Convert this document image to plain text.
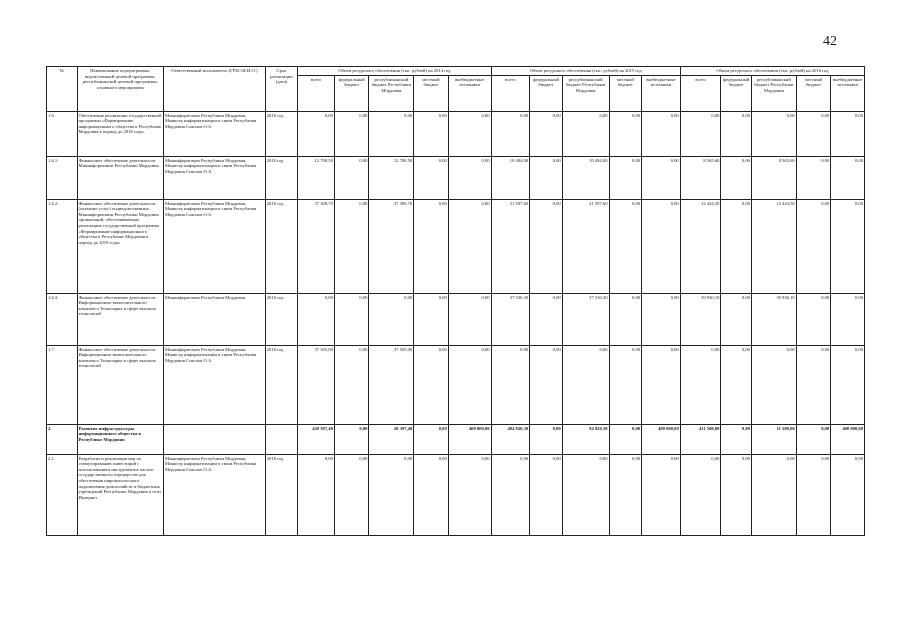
42
№	Наименование подпрограммы, ведомственной целевой программы, республиканской целевой программы, основного мероприятия	Ответственный исполнитель (ГРБС/Ф.И.О.)	Срок реализации (дата)	Объем ресурсного обеспечения (тыс. рублей) на 2014 год					Объем ресурсного обеспечения (тыс. рублей) на 2015 год					Объем ресурсного обеспечения (тыс. рублей) на 2016 год				
				всего	федеральный бюджет	республиканский бюджет Республики Мордовия	местный бюджет	внебюджетные источники	всего	федеральный бюджет	республиканский бюджет Республики Мордовия	местный бюджет	внебюджетные источники	всего	федеральный бюджет	республиканский бюджет Республики Мордовия	местный бюджет	внебюджетные источники
1.6.	Обеспечение реализации государственной программы «Формирование информационного общества в Республике Мордовия в период до 2018 года»	Мининформсвязи Республики Мордовия, Министр информатизации и связи Республики Мордовия Соколов О.А.	2018 год	0,00	0,00	0,00	0,00	0,00	0,00	0,00	0,00	0,00	0,00	0,00	0,00	0,00	0,00	0,00
1.6.1.	Финансовое обеспечение деятельности Мининформсвязи Республики Мордовия	Мининформсвязи Республики Мордовия, Министр информатизации и связи Республики Мордовия Соколов О.А.	2018 год	12 700,50	0,00	12 700,50	0,00	0,00	10 494,00	0,00	10 494,00	0,00	0,00	8 565,60	0,00	8 565,60	0,00	0,00
1.6.2.	Финансовое обеспечение деятельности (оказание услуг) подведомственных Мининформсвязи Республики Мордовия организаций, обеспечивающих реализацию государственной программы «Формирование информационного общества в Республике Мордовия в период до 2018 года»	Мининформсвязи Республики Мордовия, Министр информатизации и связи Республики Мордовия Соколов О.А.	2018 год	37 309,70	0,00	37 309,70	0,00	0,00	21 597,60	0,00	21 597,60	0,00	0,00	12 444,50	0,00	12 444,50	0,00	0,00
1.6.3.	Финансовое обеспечение деятельности Информационно-вычислительного комплекса Технопарка в сфере высоких технологий	Мининформсвязи Республики Мордовия	2018 год	0,00	0,00	0,00	0,00	0,00	37 530,30	0,00	37 530,30	0,00	0,00	39 930,10	0,00	39 930,10	0,00	0,00
1.7.	Финансовое обеспечение деятельности Информационно-вычислительного комплекса Технопарка в сфере высоких технологий	Мининформсвязи Республики Мордовия, Министр информатизации и связи Республики Мордовия Соколов О.А.	2018 год	37 505,00	0,00	37 505,00	0,00	0,00	0,00	0,00	0,00	0,00	0,00	0,00	0,00	0,00	0,00	0,00
2.	Развитие инфраструктуры информационного общества в Республике Мордовия			420 397,40	0,00	20 397,40	0,00	400 000,00	494 820,30	0,00	94 820,30	0,00	400 000,00	411 500,00	0,00	11 500,00	0,00	400 000,00
2.1.	Разработка и реализация мер по стимулированию инвестиций с использованием инструментов частно-государственного партнерства для обеспечения широкополосного подключения домохозяйств и бюджетных учреждений Республики Мордовия к сети Интернет	Мининформсвязи Республики Мордовия, Министр информатизации и связи Республики Мордовия Соколов О.А.	2018 год	0,00	0,00	0,00	0,00	0,00	0,00	0,00	0,00	0,00	0,00	0,00	0,00	0,00	0,00	0,00
